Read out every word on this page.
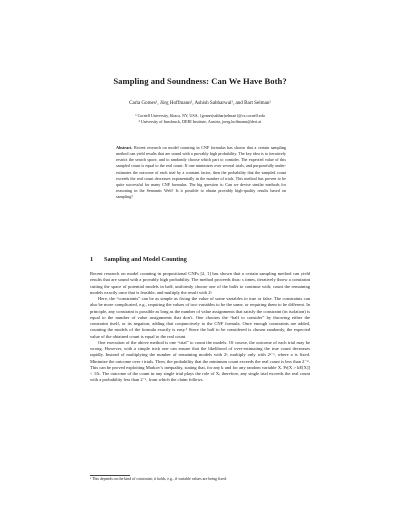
Sampling and Soundness: Can We Have Both?
Carla Gomes¹, Jörg Hoffmann², Ashish Sabharwal¹, and Bart Selman¹
¹ Cornell University, Ithaca, NY, USA, {gomes|sabhar|selman}@cs.cornell.edu
² University of Innsbruck, DERI Institute, Austria, joerg.hoffmann@deri.at
Abstract. Recent research on model counting in CNF formulas has shown that a certain sampling method can yield results that are sound with a provably high probability. The key idea is to iteratively restrict the search space, and to randomly choose which part to consider. The expected value of this sampled count is equal to the real count. If one minimizes over several trials, and purposefully under-estimates the outcome of each trial by a constant factor, then the probability that the sampled count exceeds the real count decreases exponentially in the number of trials. This method has proven to be quite successful for many CNF formulas. The big question is: Can we devise similar methods for reasoning in the Semantic Web? Is it possible to obtain provably high-quality results based on sampling?
1 Sampling and Model Counting

Recent research on model counting in propositional CNFs [2, 1] has shown that a certain sampling method can yield results that are sound with a provably high probability. The method proceeds thus: s times, iteratively throw a constraint cutting the space of potential models in half; uniformly choose one of the halfs to continue with; count the remaining models exactly once that is feasible, and multiply the result with 2ˢ.

Here, the “constraints” can be as simple as fixing the value of some variables to true or false. The constraints can also be more complicated, e.g., requiring the values of two variables to be the same, or requiring them to be different. In principle, any constraint is possible as long as the number of value assignments that satisfy the constraint (in isolation) is equal to the number of value assignments that don’t. One chooses the “half to consider” by throwing either the constraint itself, or its negation, adding that conjunctively to the CNF formula. Once enough constraints are added, counting the models of the formula exactly is easy.¹ Since the half to be considered is chosen randomly, the expected value of the obtained count is equal to the real count.

One execution of the above method is one “trial” to count the models. Of course, the outcome of each trial may be wrong. However, with a simple trick one can ensure that the likelihood of over-estimating the true count decreases rapidly. Instead of multiplying the number of remaining models with 2ˢ, multiply only with 2ˢ⁻ᵃ, where a is fixed. Minimize the outcome over t trials. Then, the probability that the minimum count exceeds the real count is less than 2⁻ᵃᵗ. This can be proved exploiting Markov’s inequality, stating that, for any k and for any random variable X, Pr[X > kE[X]] < 1/k. The outcome of the count in any single trial plays the role of X; therefore, any single trial exceeds the real count with a probability less than 2⁻ᵃ, from which the claim follows.

¹ This depends on the kind of constraint; it holds, e.g., if variable values are being fixed.
